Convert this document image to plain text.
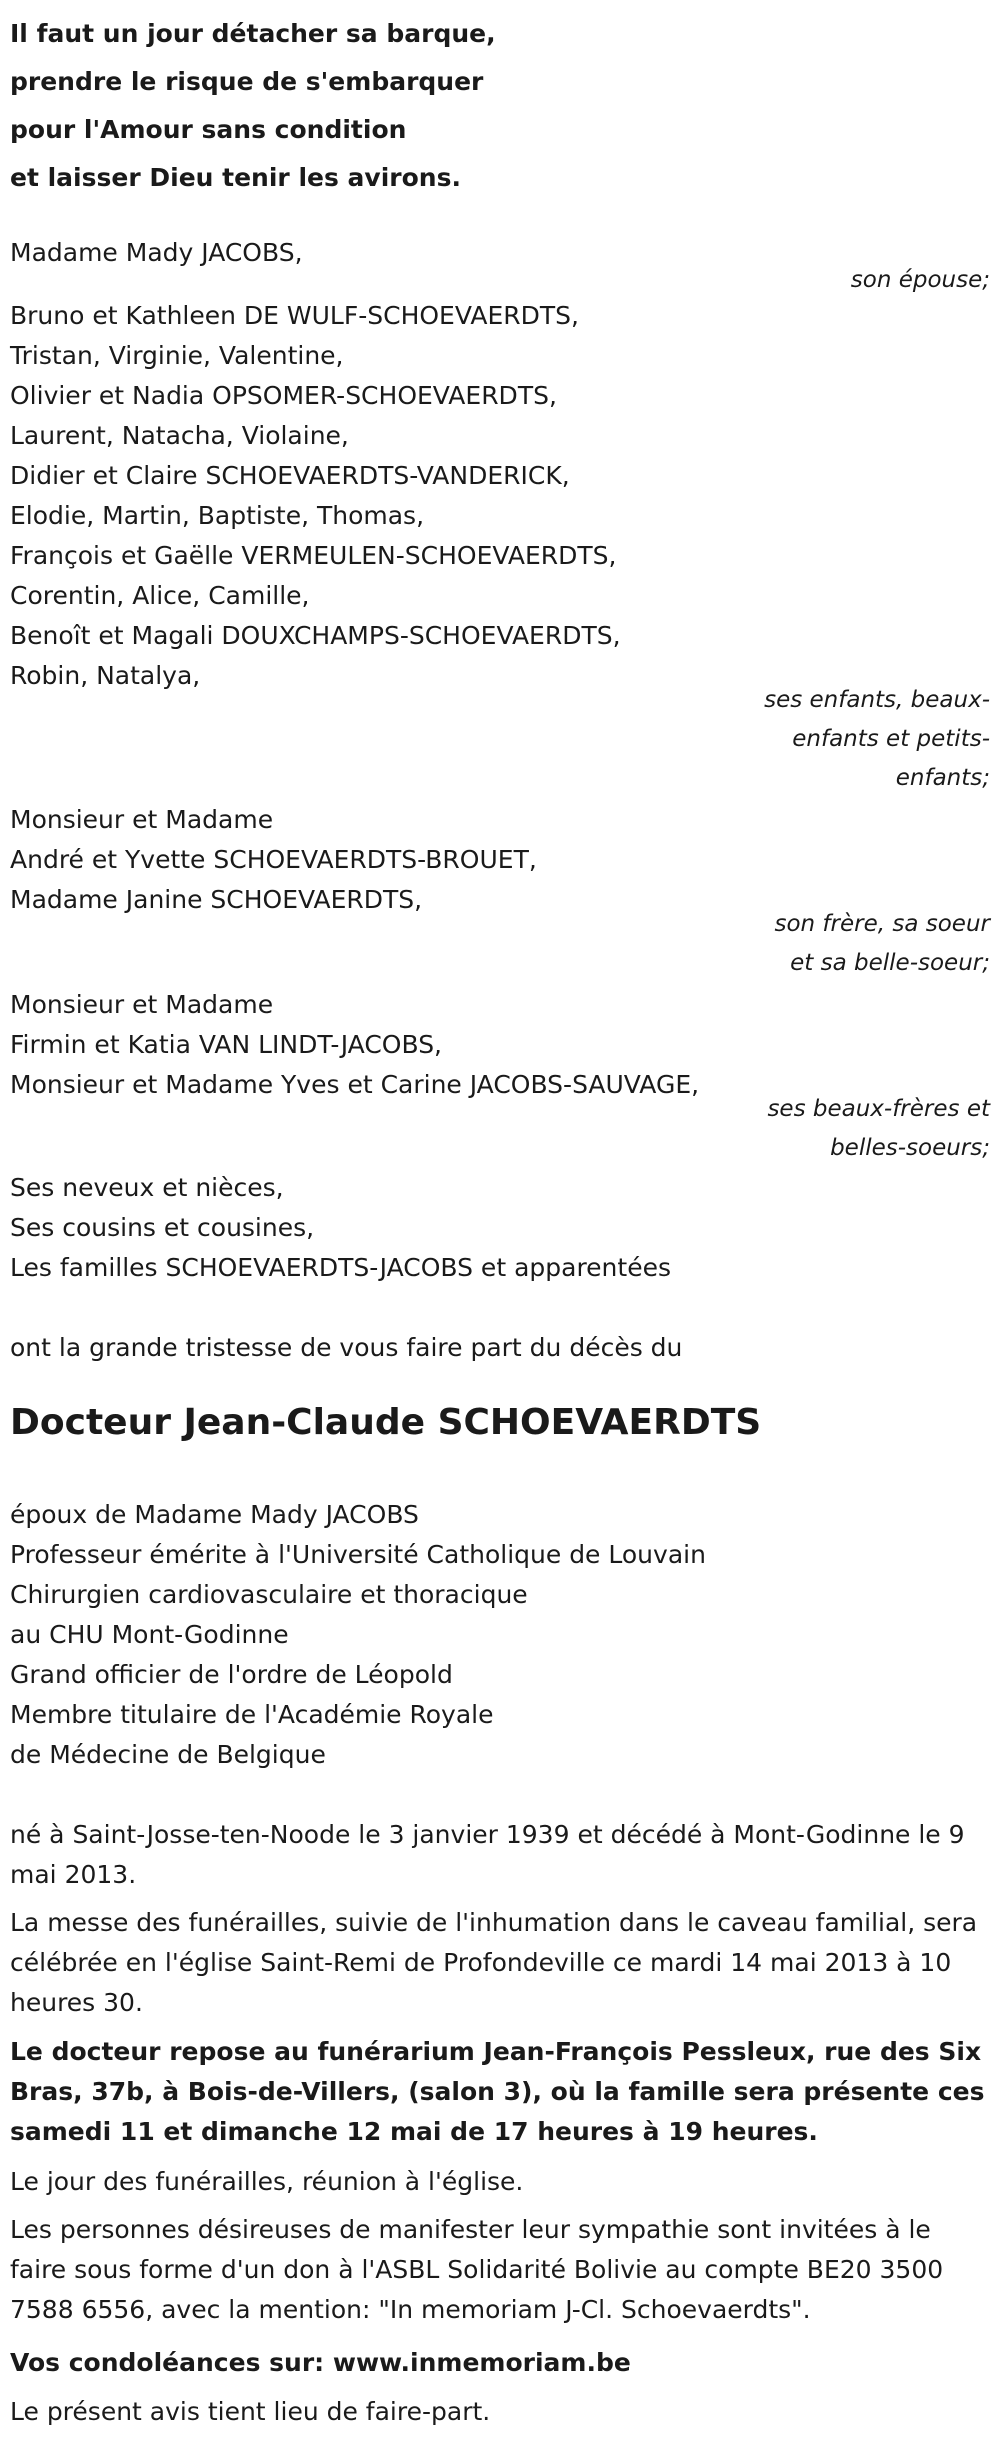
Il faut un jour détacher sa barque,
prendre le risque de s'embarquer
pour l'Amour sans condition
et laisser Dieu tenir les avirons.
Madame Mady JACOBS,

son épouse;

Bruno et Kathleen DE WULF-SCHOEVAERDTS,
Tristan, Virginie, Valentine,
Olivier et Nadia OPSOMER-SCHOEVAERDTS,
Laurent, Natacha, Violaine,
Didier et Claire SCHOEVAERDTS-VANDERICK,
Elodie, Martin, Baptiste, Thomas,
François et Gaëlle VERMEULEN-SCHOEVAERDTS,
Corentin, Alice, Camille,
Benoît et Magali DOUXCHAMPS-SCHOEVAERDTS,
Robin, Natalya,
ses enfants, beaux-
enfants et petits-
enfants;
Monsieur et Madame
André et Yvette SCHOEVAERDTS-BROUET,
Madame Janine SCHOEVAERDTS,
son frère, sa soeur
et sa belle-soeur;
Monsieur et Madame
Firmin et Katia VAN LINDT-JACOBS,
Monsieur et Madame Yves et Carine JACOBS-SAUVAGE,
ses beaux-frères et
belles-soeurs;
Ses neveux et nièces,
Ses cousins et cousines,
Les familles SCHOEVAERDTS-JACOBS et apparentées
ont la grande tristesse de vous faire part du décès du
Docteur Jean-Claude SCHOEVAERDTS
époux de Madame Mady JACOBS
Professeur émérite à l'Université Catholique de Louvain
Chirurgien cardiovasculaire et thoracique
au CHU Mont-Godinne
Grand officier de l'ordre de Léopold
Membre titulaire de l'Académie Royale
de Médecine de Belgique

né à Saint-Josse-ten-Noode le 3 janvier 1939 et décédé à Mont-Godinne le 9 mai 2013.

La messe des funérailles, suivie de l'inhumation dans le caveau familial, sera célébrée en l'église Saint-Remi de Profondeville ce mardi 14 mai 2013 à 10 heures 30.

Le docteur repose au funérarium Jean-François Pessleux, rue des Six Bras, 37b, à Bois-de-Villers, (salon 3), où la famille sera présente ces samedi 11 et dimanche 12 mai de 17 heures à 19 heures.

Le jour des funérailles, réunion à l'église.

Les personnes désireuses de manifester leur sympathie sont invitées à le faire sous forme d'un don à l'ASBL Solidarité Bolivie au compte BE20 3500 7588 6556, avec la mention: "In memoriam J-Cl. Schoevaerdts".

Vos condoléances sur: www.inmemoriam.be

Le présent avis tient lieu de faire-part.
